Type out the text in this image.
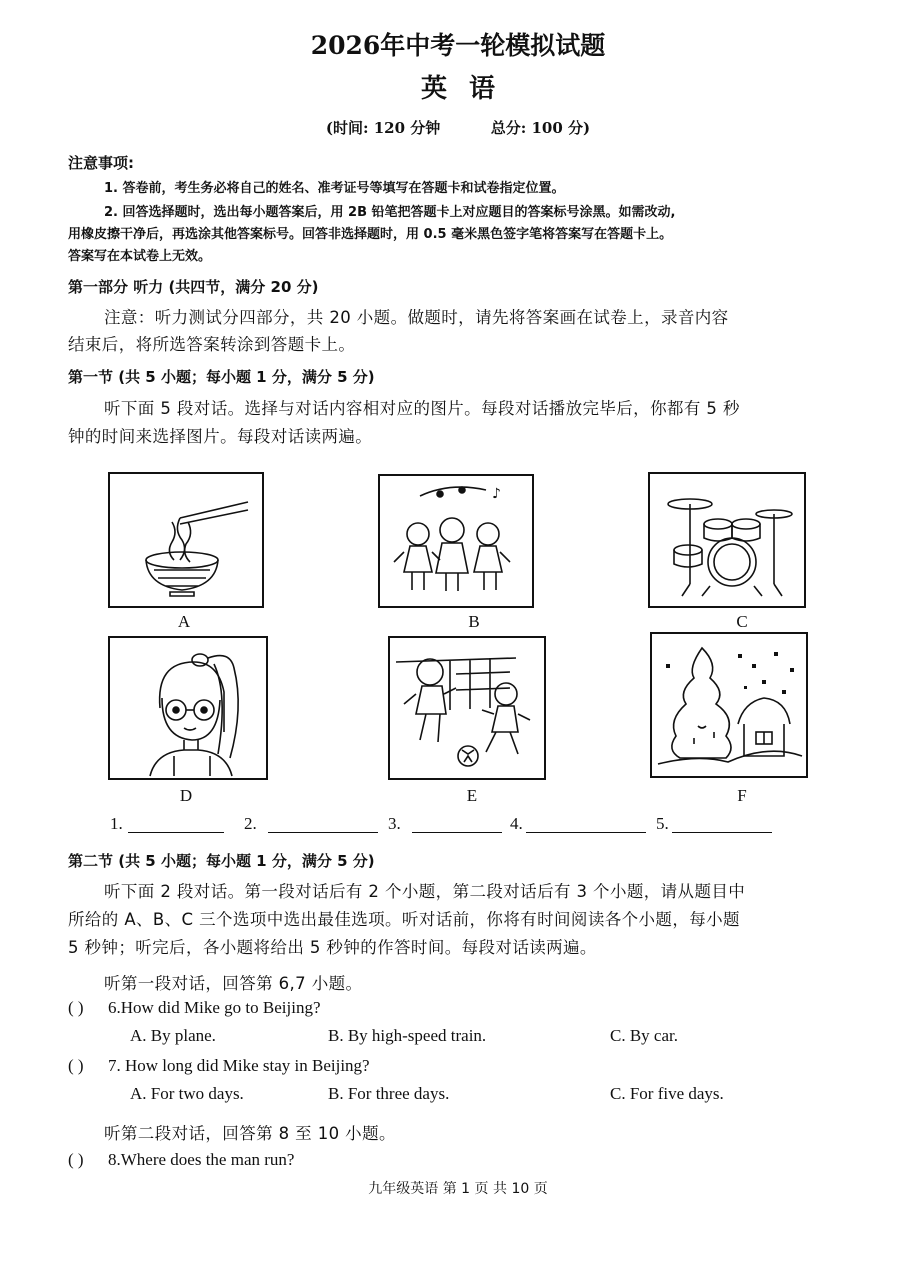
2026年中考一轮模拟试题
英语
(时间: 120 分钟	总分: 100 分)
注意事项:
1. 答卷前，考生务必将自己的姓名、准考证号等填写在答题卡和试卷指定位置。
2. 回答选择题时，选出每小题答案后，用 2B 铅笔把答题卡上对应题目的答案标号涂黑。如需改动,
用橡皮擦干净后，再选涂其他答案标号。回答非选择题时，用 0.5 毫米黑色签字笔将答案写在答题卡上。
答案写在本试卷上无效。
第一部分 听力 (共四节，满分 20 分)
注意：听力测试分四部分，共 20 小题。做题时，请先将答案画在试卷上，录音内容
结束后，将所选答案转涂到答题卡上。
第一节 (共 5 小题；每小题 1 分，满分 5 分)
听下面 5 段对话。选择与对话内容相对应的图片。每段对话播放完毕后，你都有 5 秒
钟的时间来选择图片。每段对话读两遍。
A
♪
B	C
D	E	F
1.	2.	3.	4.	5.
第二节 (共 5 小题；每小题 1 分，满分 5 分)
听下面 2 段对话。第一段对话后有 2 个小题，第二段对话后有 3 个小题，请从题目中
所给的 A、B、C 三个选项中选出最佳选项。听对话前，你将有时间阅读各个小题，每小题
5 秒钟；听完后，各小题将给出 5 秒钟的作答时间。每段对话读两遍。
听第一段对话，回答第 6,7 小题。
( ) 6.How did Mike go to Beijing?
A. By plane.	B. By high-speed train.	C. By car.
( ) 7. How long did Mike stay in Beijing?
A. For two days.	B. For three days.	C. For five days.
听第二段对话，回答第 8 至 10 小题。
( ) 8.Where does the man run?
九年级英语 第 1 页 共 10 页
